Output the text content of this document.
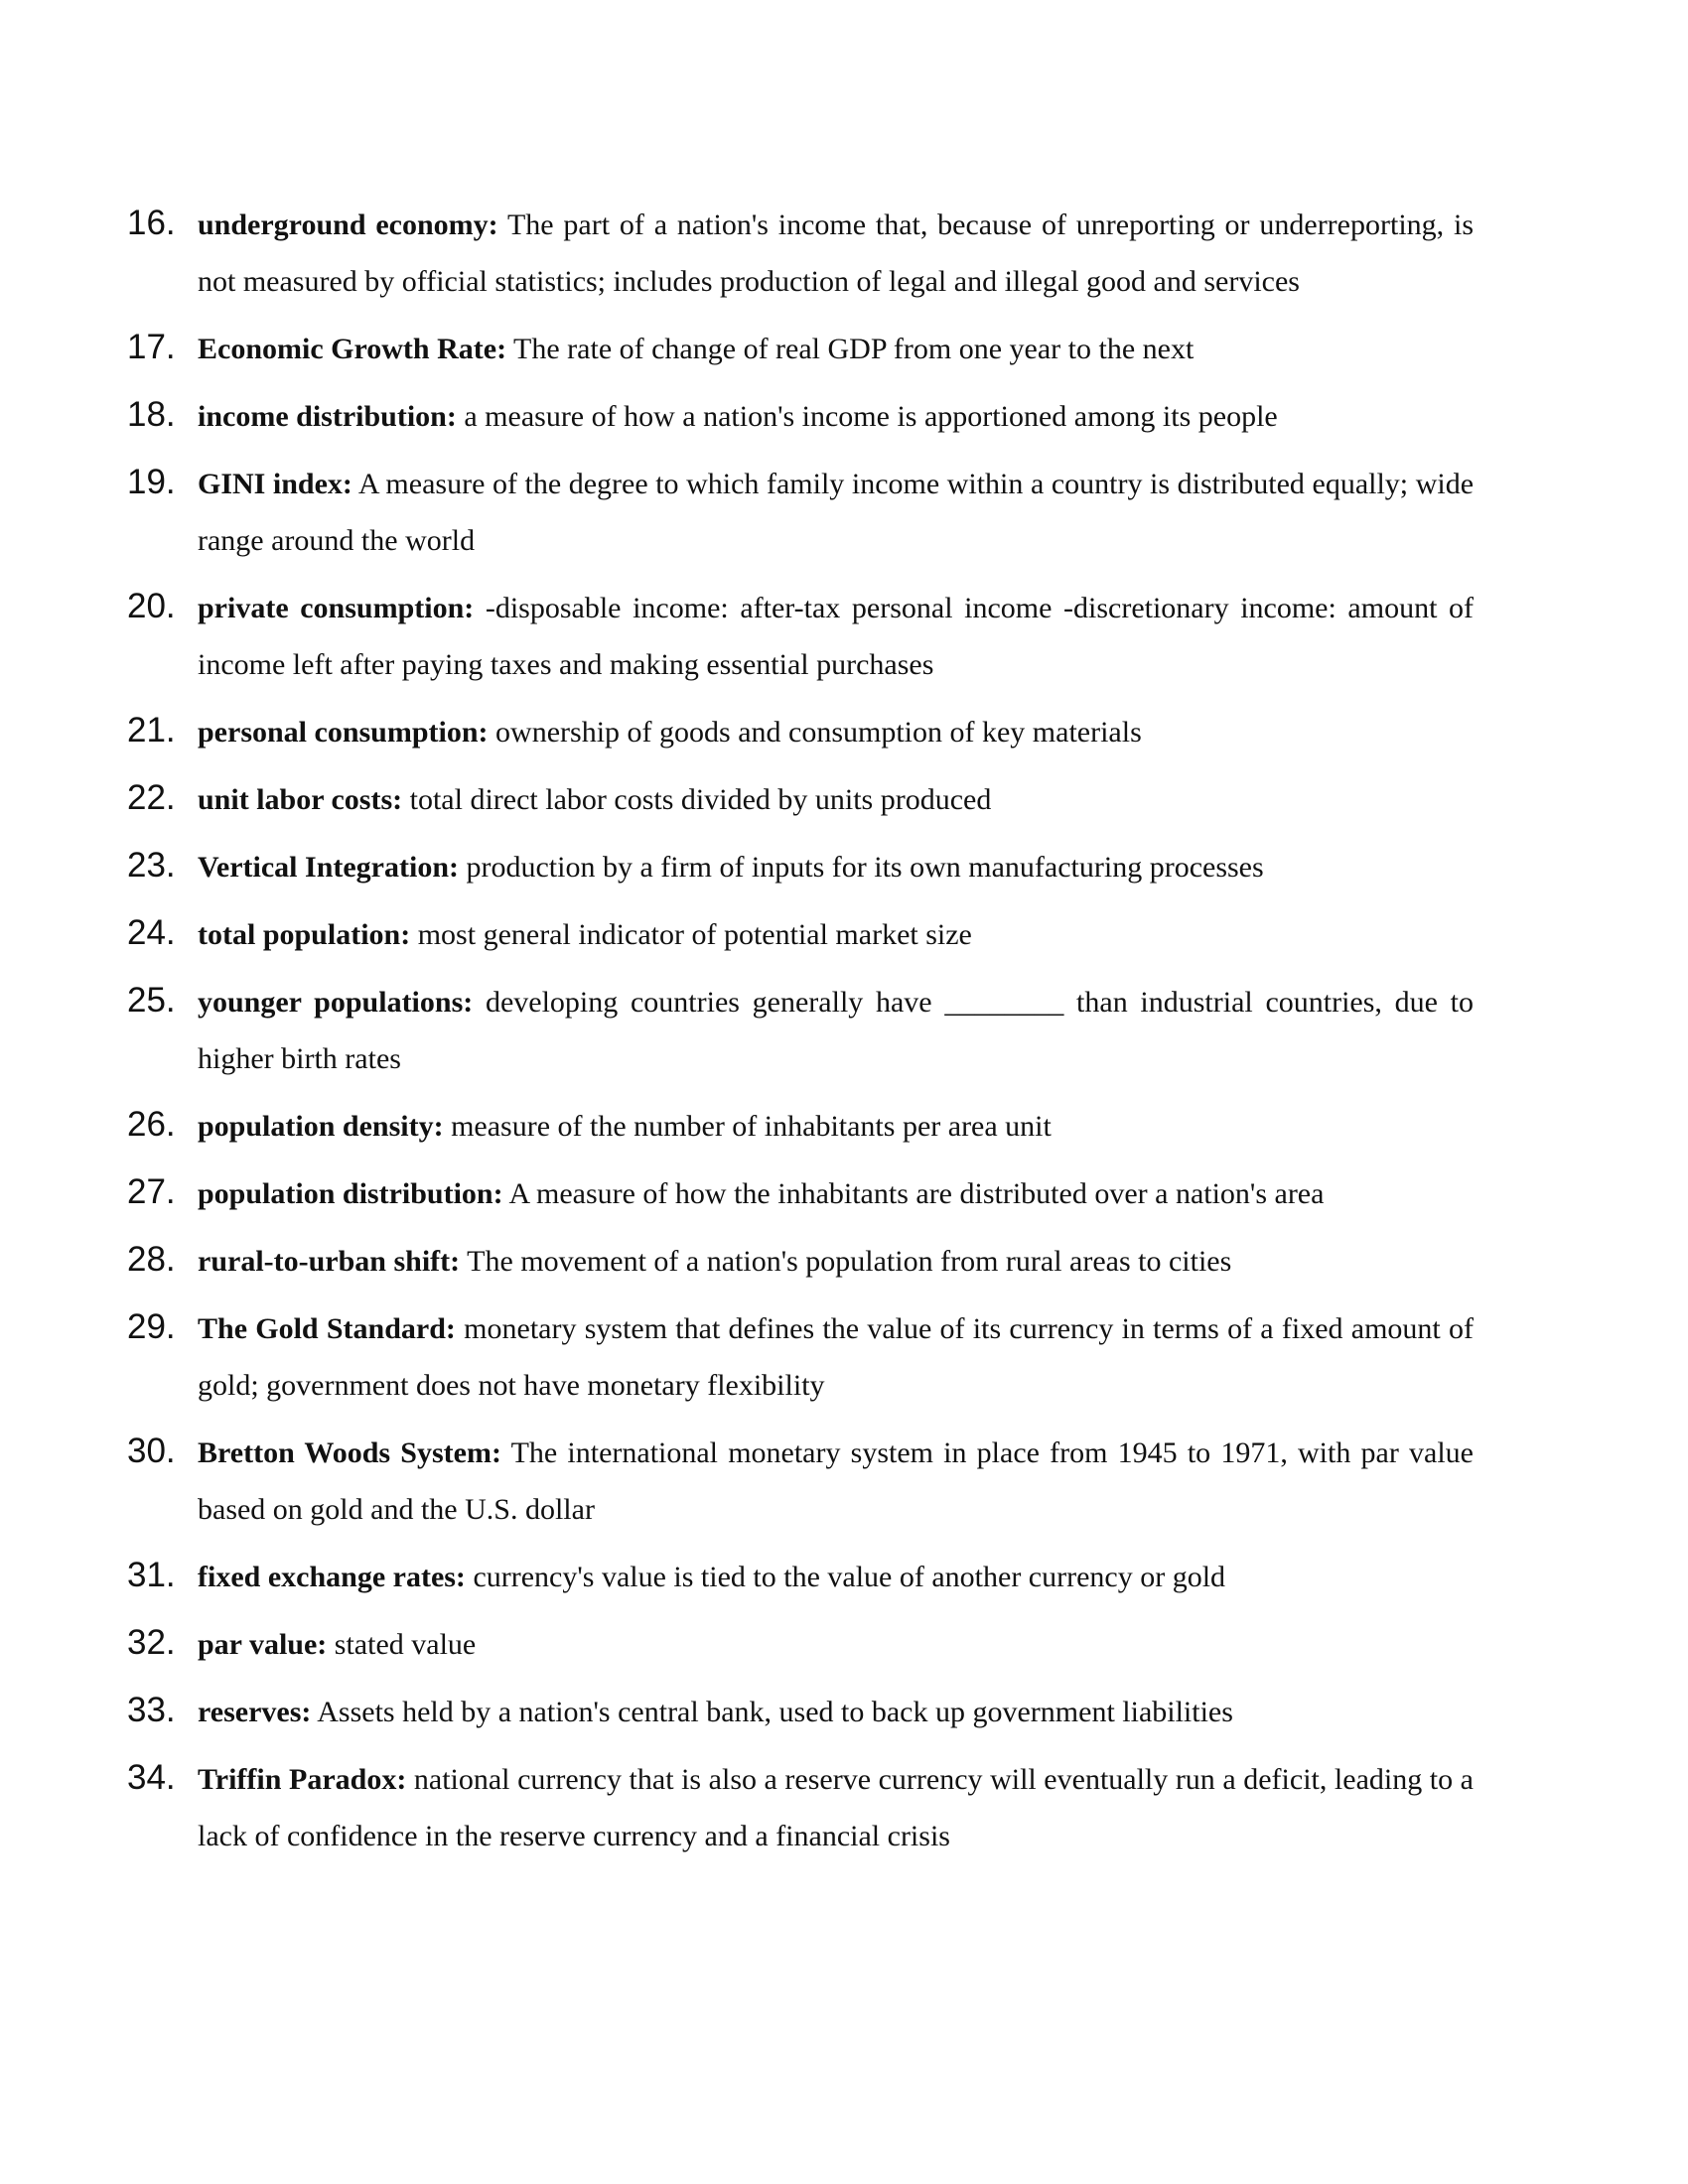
16. underground economy: The part of a nation's income that, because of unreporting or underreporting, is not measured by official statistics; includes production of legal and illegal good and services
17. Economic Growth Rate: The rate of change of real GDP from one year to the next
18. income distribution: a measure of how a nation's income is apportioned among its people
19. GINI index: A measure of the degree to which family income within a country is distributed equally; wide range around the world
20. private consumption: -disposable income: after-tax personal income -discretionary income: amount of income left after paying taxes and making essential purchases
21. personal consumption: ownership of goods and consumption of key materials
22. unit labor costs: total direct labor costs divided by units produced
23. Vertical Integration: production by a firm of inputs for its own manufacturing processes
24. total population: most general indicator of potential market size
25. younger populations: developing countries generally have ________ than industrial countries, due to higher birth rates
26. population density: measure of the number of inhabitants per area unit
27. population distribution: A measure of how the inhabitants are distributed over a nation's area
28. rural-to-urban shift: The movement of a nation's population from rural areas to cities
29. The Gold Standard: monetary system that defines the value of its currency in terms of a fixed amount of gold; government does not have monetary flexibility
30. Bretton Woods System: The international monetary system in place from 1945 to 1971, with par value based on gold and the U.S. dollar
31. fixed exchange rates: currency's value is tied to the value of another currency or gold
32. par value: stated value
33. reserves: Assets held by a nation's central bank, used to back up government liabilities
34. Triffin Paradox: national currency that is also a reserve currency will eventually run a deficit, leading to a lack of confidence in the reserve currency and a financial crisis
